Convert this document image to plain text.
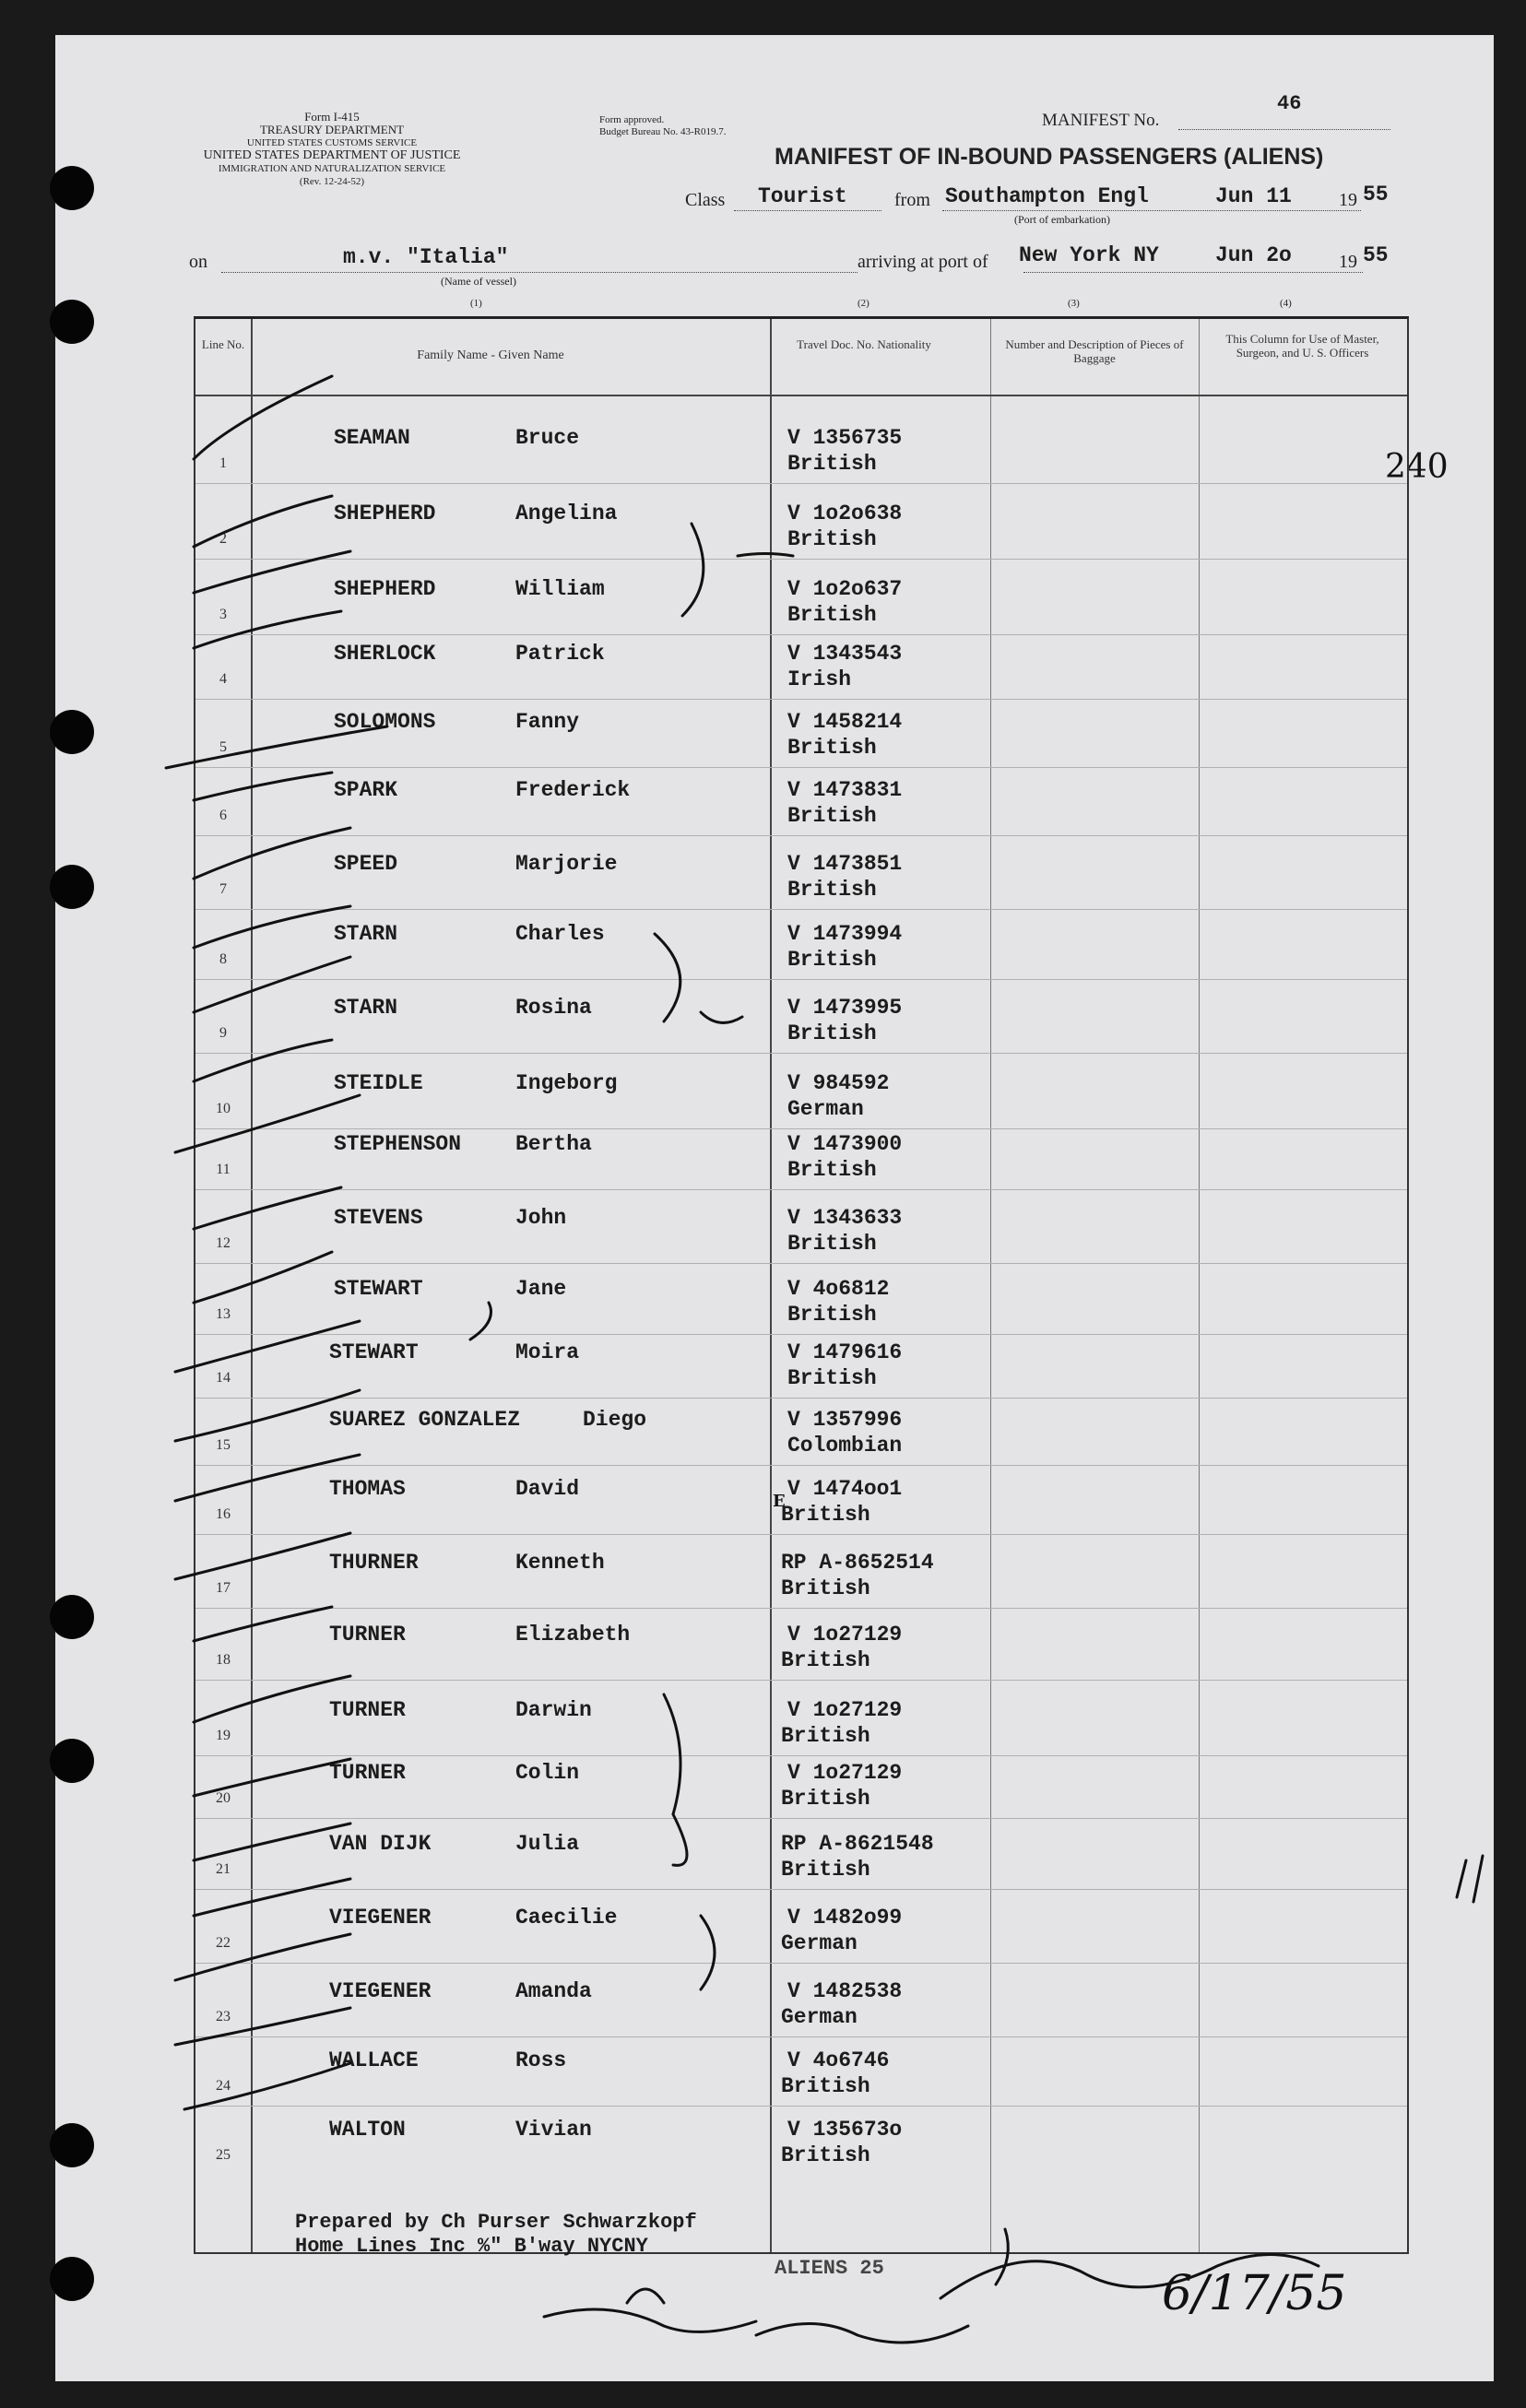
Form I-415
TREASURY DEPARTMENT
UNITED STATES CUSTOMS SERVICE
UNITED STATES DEPARTMENT OF JUSTICE
IMMIGRATION AND NATURALIZATION SERVICE
(Rev. 12-24-52)
Form approved.
Budget Bureau No. 43-R019.7.
MANIFEST No.
46
MANIFEST OF IN-BOUND PASSENGERS (ALIENS)
Class Tourist	from Southampton Engl	Jun 11	19 55
(Port of embarkation)
on	m.v. "Italia"
(Name of vessel)
arriving at port of New York NY	Jun 2o	19 55
(1)	(2)	(3)	(4)
240
Line No.
Family Name - Given Name
Travel Doc. No. Nationality	Number and Description of Pieces of Baggage
This Column for Use of Master, Surgeon, and U. S. Officers
1
SEAMAN	Bruce	V 1356735
British
2
SHEPHERD	Angelina	V 1o2o638
British
3
SHEPHERD	William	V 1o2o637
British
4
SHERLOCK	Patrick	V 1343543
Irish
5
SOLOMONS	Fanny	V 1458214
British
6
SPARK	Frederick	V 1473831
British
7
SPEED	Marjorie	V 1473851
British
8
STARN	Charles	V 1473994
British
9
STARN	Rosina	V 1473995
British
10
STEIDLE	Ingeborg	V 984592
German
11
STEPHENSON	Bertha	V 1473900
British
12
STEVENS	John	V 1343633
British
13
STEWART	Jane	V 4o6812
British
14
STEWART	Moira	V 1479616
British
15
SUAREZ GONZALEZ	Diego	V 1357996
Colombian
16
THOMAS	David	V 1474oo1
British
17
THURNER	Kenneth	RP A-8652514
British
18
TURNER	Elizabeth	V 1o27129
British
19
TURNER	Darwin	V 1o27129
British
20
TURNER	Colin	V 1o27129
British
21
VAN DIJK	Julia	RP A-8621548
British
22
VIEGENER	Caecilie	V 1482o99
German
23
VIEGENER	Amanda	V 1482538
German
24
WALLACE	Ross	V 4o6746
British
25
WALTON	Vivian	V 135673o
British
Prepared by Ch Purser Schwarzkopf
Home Lines Inc %" B'way NYCNY
ALIENS 25	6/17/55
E
